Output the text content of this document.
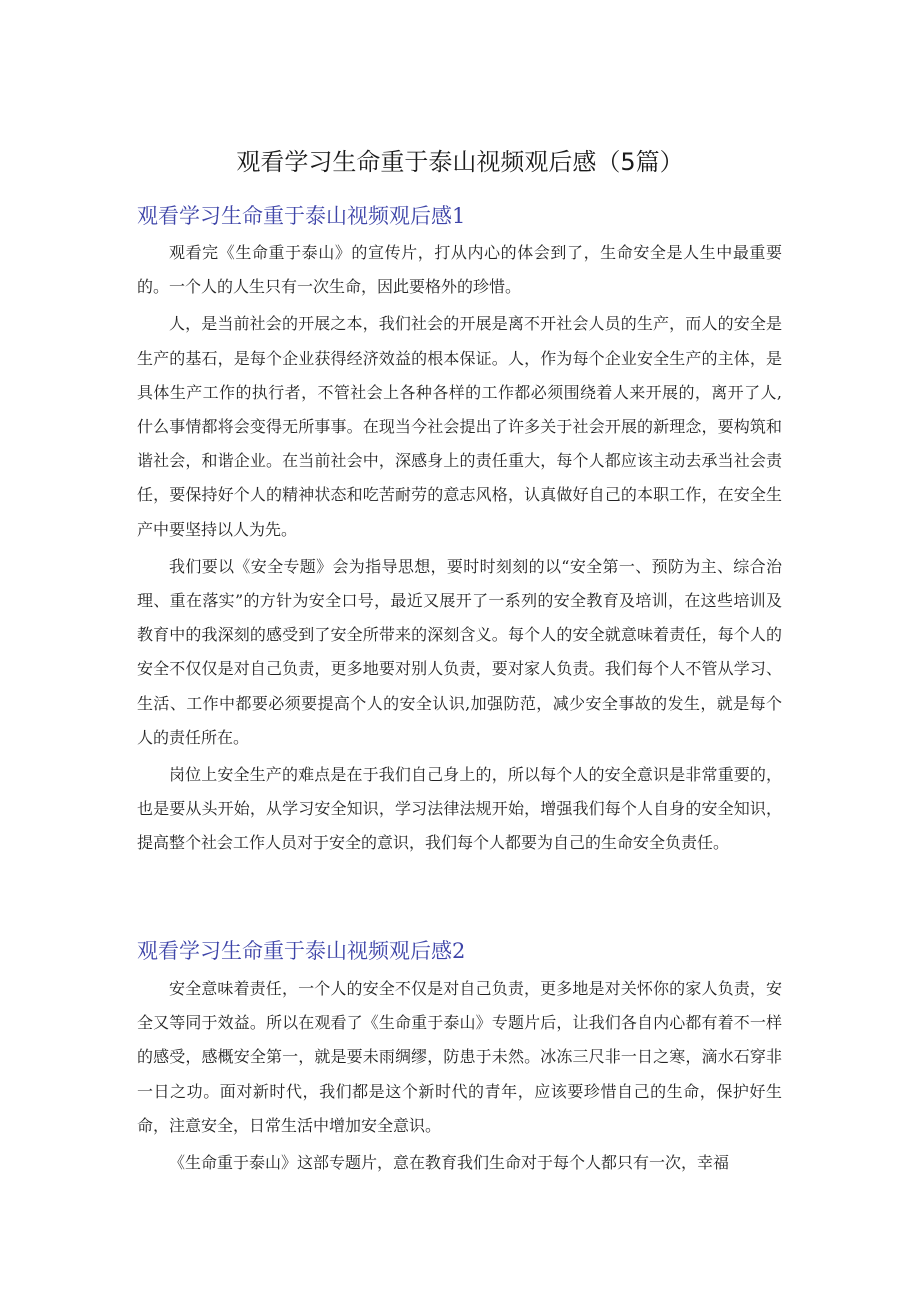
观看学习生命重于泰山视频观后感（5篇）
观看学习生命重于泰山视频观后感1

观看完《生命重于泰山》的宣传片，打从内心的体会到了，生命安全是人生中最重要的。一个人的人生只有一次生命，因此要格外的珍惜。

人，是当前社会的开展之本，我们社会的开展是离不开社会人员的生产，而人的安全是生产的基石，是每个企业获得经济效益的根本保证。人，作为每个企业安全生产的主体，是具体生产工作的执行者，不管社会上各种各样的工作都必须围绕着人来开展的，离开了人,什么事情都将会变得无所事事。在现当今社会提出了许多关于社会开展的新理念，要构筑和谐社会，和谐企业。在当前社会中，深感身上的责任重大，每个人都应该主动去承当社会责任，要保持好个人的精神状态和吃苦耐劳的意志风格，认真做好自己的本职工作，在安全生产中要坚持以人为先。

我们要以《安全专题》会为指导思想，要时时刻刻的以“安全第一、预防为主、综合治理、重在落实”的方针为安全口号，最近又展开了一系列的安全教育及培训，在这些培训及教育中的我深刻的感受到了安全所带来的深刻含义。每个人的安全就意味着责任，每个人的安全不仅仅是对自己负责，更多地要对别人负责，要对家人负责。我们每个人不管从学习、生活、工作中都要必须要提高个人的安全认识,加强防范，减少安全事故的发生，就是每个人的责任所在。

岗位上安全生产的难点是在于我们自己身上的，所以每个人的安全意识是非常重要的，也是要从头开始，从学习安全知识，学习法律法规开始，增强我们每个人自身的安全知识，提高整个社会工作人员对于安全的意识，我们每个人都要为自己的生命安全负责任。

观看学习生命重于泰山视频观后感2

安全意味着责任，一个人的安全不仅是对自己负责，更多地是对关怀你的家人负责，安全又等同于效益。所以在观看了《生命重于泰山》专题片后，让我们各自内心都有着不一样的感受，感概安全第一，就是要未雨绸缪，防患于未然。冰冻三尺非一日之寒，滴水石穿非一日之功。面对新时代，我们都是这个新时代的青年，应该要珍惜自己的生命，保护好生命，注意安全，日常生活中增加安全意识。

《生命重于泰山》这部专题片，意在教育我们生命对于每个人都只有一次，幸福
